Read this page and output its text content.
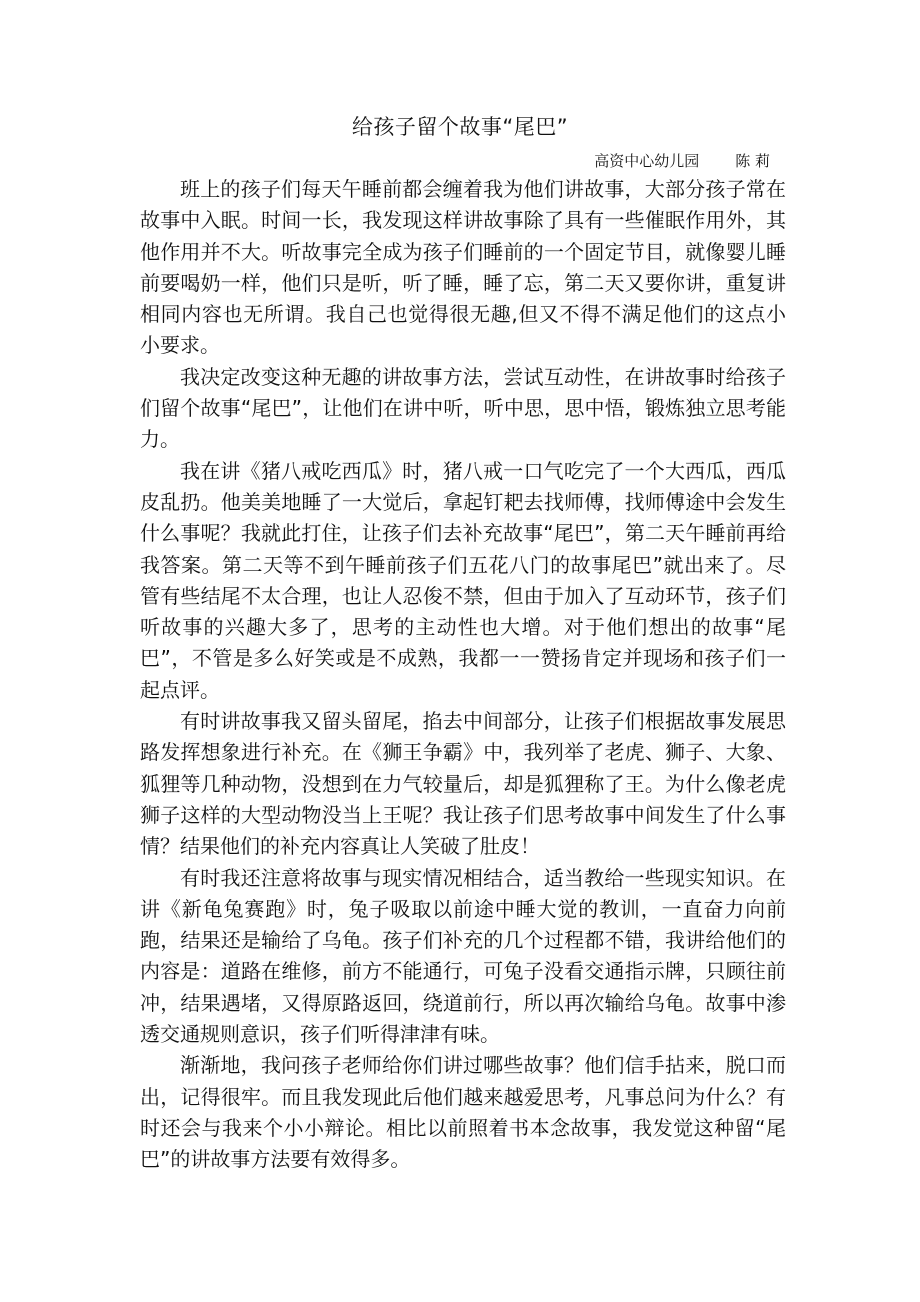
给孩子留个故事“尾巴”
高资中心幼儿园 陈 莉

班上的孩子们每天午睡前都会缠着我为他们讲故事，大部分孩子常在故事中入眠。时间一长，我发现这样讲故事除了具有一些催眠作用外，其他作用并不大。听故事完全成为孩子们睡前的一个固定节目，就像婴儿睡前要喝奶一样，他们只是听，听了睡，睡了忘，第二天又要你讲，重复讲相同内容也无所谓。我自己也觉得很无趣,但又不得不满足他们的这点小小要求。

我决定改变这种无趣的讲故事方法，尝试互动性，在讲故事时给孩子们留个故事“尾巴”，让他们在讲中听，听中思，思中悟，锻炼独立思考能力。

我在讲《猪八戒吃西瓜》时，猪八戒一口气吃完了一个大西瓜，西瓜皮乱扔。他美美地睡了一大觉后，拿起钉耙去找师傅，找师傅途中会发生什么事呢？我就此打住，让孩子们去补充故事“尾巴”，第二天午睡前再给我答案。第二天等不到午睡前孩子们五花八门的故事尾巴”就出来了。尽管有些结尾不太合理，也让人忍俊不禁，但由于加入了互动环节，孩子们听故事的兴趣大多了，思考的主动性也大增。对于他们想出的故事“尾巴”，不管是多么好笑或是不成熟，我都一一赞扬肯定并现场和孩子们一起点评。

有时讲故事我又留头留尾，掐去中间部分，让孩子们根据故事发展思路发挥想象进行补充。在《狮王争霸》中，我列举了老虎、狮子、大象、狐狸等几种动物，没想到在力气较量后，却是狐狸称了王。为什么像老虎狮子这样的大型动物没当上王呢？我让孩子们思考故事中间发生了什么事情？结果他们的补充内容真让人笑破了肚皮！

有时我还注意将故事与现实情况相结合，适当教给一些现实知识。在讲《新龟兔赛跑》时，兔子吸取以前途中睡大觉的教训，一直奋力向前跑，结果还是输给了乌龟。孩子们补充的几个过程都不错，我讲给他们的内容是：道路在维修，前方不能通行，可兔子没看交通指示牌，只顾往前冲，结果遇堵，又得原路返回，绕道前行，所以再次输给乌龟。故事中渗透交通规则意识，孩子们听得津津有味。

渐渐地，我问孩子老师给你们讲过哪些故事？他们信手拈来，脱口而出，记得很牢。而且我发现此后他们越来越爱思考，凡事总问为什么？有时还会与我来个小小辩论。相比以前照着书本念故事，我发觉这种留“尾巴”的讲故事方法要有效得多。
